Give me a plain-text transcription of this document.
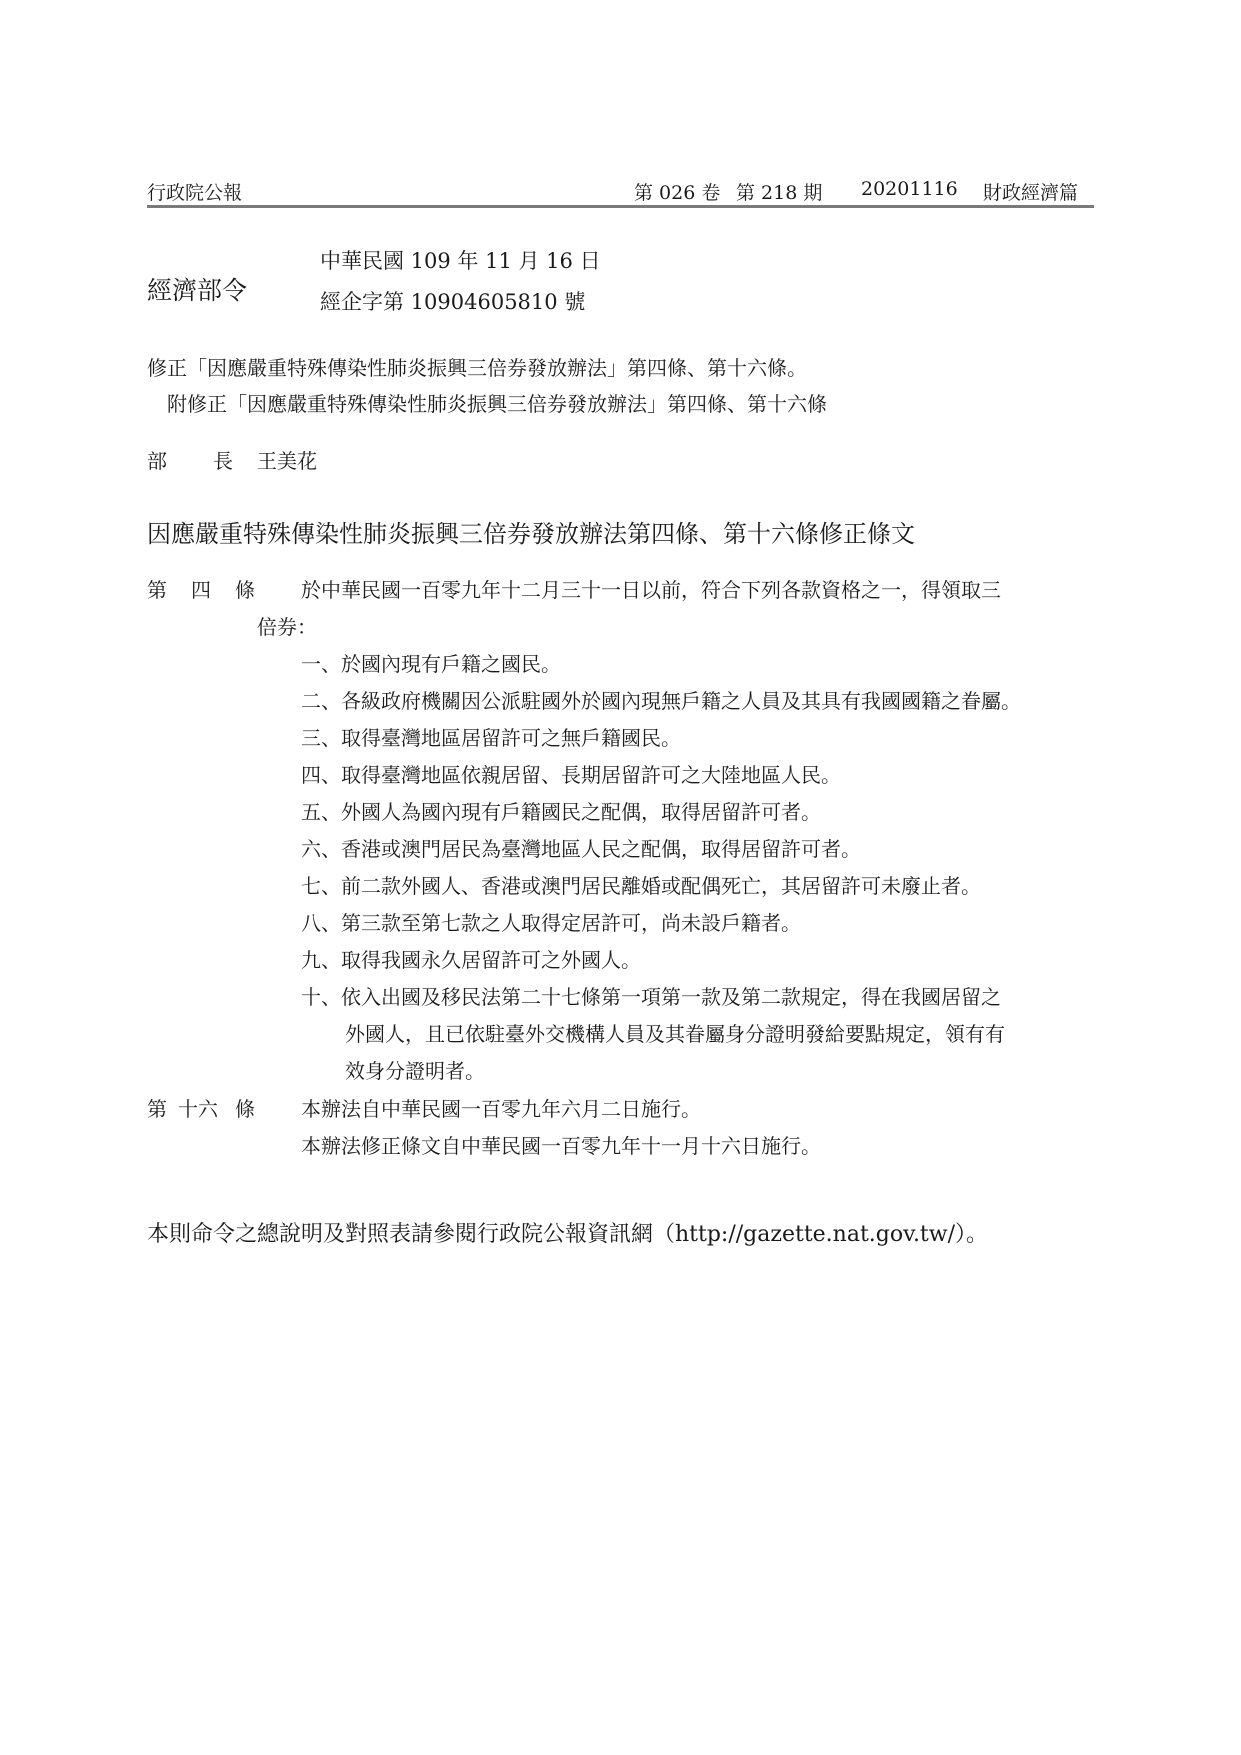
行政院公報	第 026 卷 第 218 期 20201116 財政經濟篇
經濟部令
中華民國 109 年 11 月 16 日
經企字第 10904605810 號
修正「因應嚴重特殊傳染性肺炎振興三倍券發放辦法」第四條、第十六條。
附修正「因應嚴重特殊傳染性肺炎振興三倍券發放辦法」第四條、第十六條
部 長 王美花
因應嚴重特殊傳染性肺炎振興三倍券發放辦法第四條、第十六條修正條文
第 四 條 於中華民國一百零九年十二月三十一日以前，符合下列各款資格之一，得領取三
倍券：
一、於國內現有戶籍之國民。
二、各級政府機關因公派駐國外於國內現無戶籍之人員及其具有我國國籍之眷屬。
三、取得臺灣地區居留許可之無戶籍國民。
四、取得臺灣地區依親居留、長期居留許可之大陸地區人民。
五、外國人為國內現有戶籍國民之配偶，取得居留許可者。
六、香港或澳門居民為臺灣地區人民之配偶，取得居留許可者。
七、前二款外國人、香港或澳門居民離婚或配偶死亡，其居留許可未廢止者。
八、第三款至第七款之人取得定居許可，尚未設戶籍者。
九、取得我國永久居留許可之外國人。
十、依入出國及移民法第二十七條第一項第一款及第二款規定，得在我國居留之
外國人，且已依駐臺外交機構人員及其眷屬身分證明發給要點規定，領有有
效身分證明者。
第 十六 條 本辦法自中華民國一百零九年六月二日施行。
本辦法修正條文自中華民國一百零九年十一月十六日施行。
本則命令之總說明及對照表請參閱行政院公報資訊網（http://gazette.nat.gov.tw/）。
